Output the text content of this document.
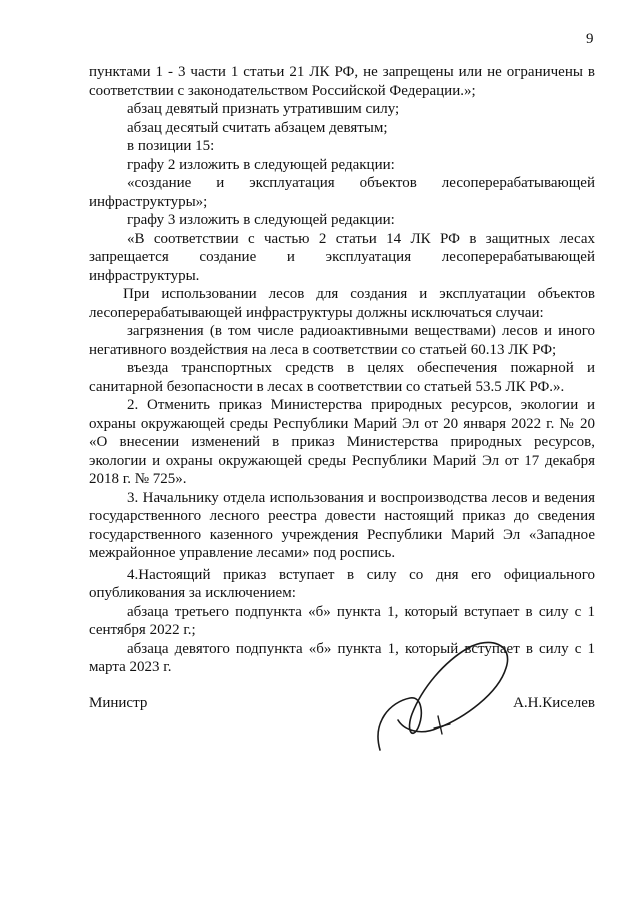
9

пунктами 1 - 3 части 1 статьи 21 ЛК РФ, не запрещены или не ограничены в соответствии с законодательством Российской Федерации.»;

абзац девятый признать утратившим силу;

абзац десятый считать абзацем девятым;

в позиции 15:

графу 2 изложить в следующей редакции:

«создание и эксплуатация объектов лесоперерабатывающей инфраструктуры»;

графу 3 изложить в следующей редакции:

«В соответствии с частью 2 статьи 14 ЛК РФ в защитных лесах запрещается создание и эксплуатация лесоперерабатывающей инфраструктуры.

При использовании лесов для создания и эксплуатации объектов лесоперерабатывающей инфраструктуры должны исключаться случаи:

загрязнения (в том числе радиоактивными веществами) лесов и иного негативного воздействия на леса в соответствии со статьей 60.13 ЛК РФ;

въезда транспортных средств в целях обеспечения пожарной и санитарной безопасности в лесах в соответствии со статьей 53.5 ЛК РФ.».

2. Отменить приказ Министерства природных ресурсов, экологии и охраны окружающей среды Республики Марий Эл от 20 января 2022 г. № 20 «О внесении изменений в приказ Министерства природных ресурсов, экологии и охраны окружающей среды Республики Марий Эл от 17 декабря 2018 г. № 725».

3. Начальнику отдела использования и воспроизводства лесов и ведения государственного лесного реестра довести настоящий приказ до сведения государственного казенного учреждения Республики Марий Эл «Западное межрайонное управление лесами» под роспись.

4.Настоящий приказ вступает в силу со дня его официального опубликования за исключением:

абзаца третьего подпункта «б» пункта 1, который вступает в силу с 1 сентября 2022 г.;

абзаца девятого подпункта «б» пункта 1, который вступает в силу с 1 марта 2023 г.

Министр	А.Н.Киселев
